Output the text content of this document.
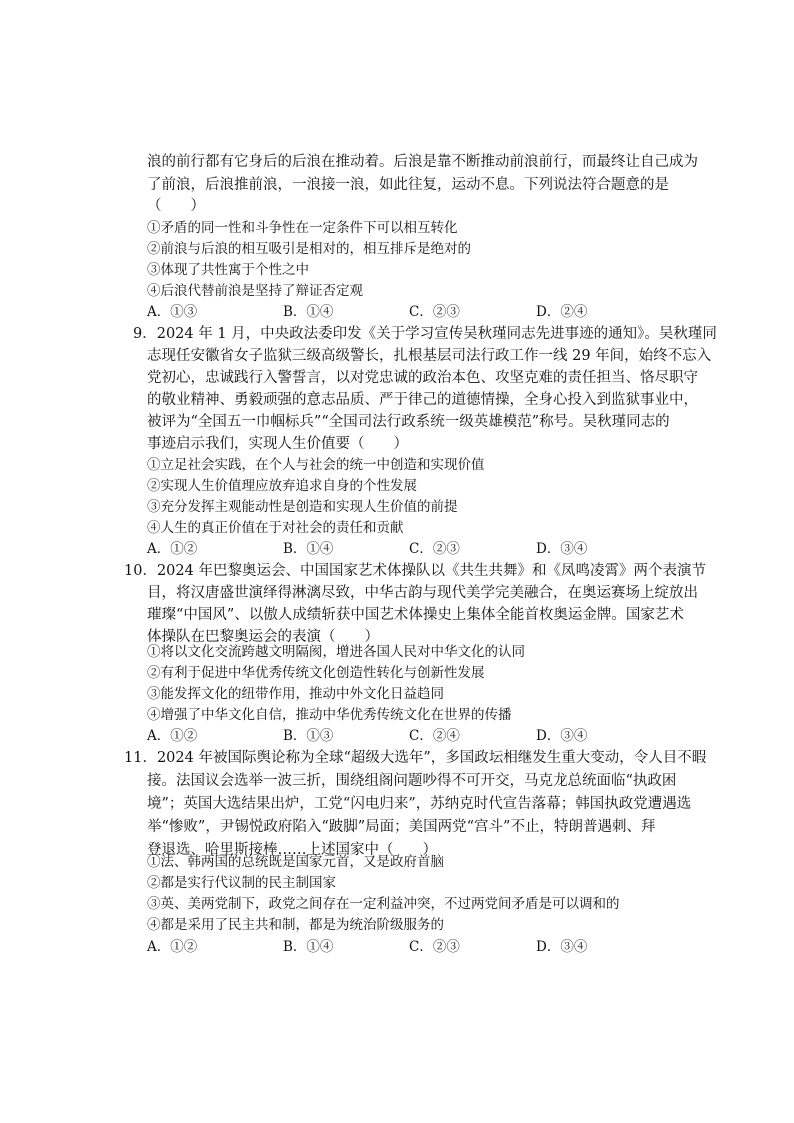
浪的前行都有它身后的后浪在推动着。后浪是靠不断推动前浪前行，而最终让自己成为
了前浪，后浪推前浪，一浪接一浪，如此往复，运动不息。下列说法符合题意的是
（　　）
①矛盾的同一性和斗争性在一定条件下可以相互转化
②前浪与后浪的相互吸引是相对的，相互排斥是绝对的
③体现了共性寓于个性之中
④后浪代替前浪是坚持了辩证否定观
A．①③	B．①④	C．②③	D．②④
9．2024 年 1 月，中央政法委印发《关于学习宣传吴秋瑾同志先进事迹的通知》。吴秋瑾同
志现任安徽省女子监狱三级高级警长，扎根基层司法行政工作一线 29 年间，始终不忘入
党初心，忠诚践行入警誓言，以对党忠诚的政治本色、攻坚克难的责任担当、恪尽职守
的敬业精神、勇毅顽强的意志品质、严于律己的道德情操，全身心投入到监狱事业中，
被评为“全国五一巾帼标兵”“全国司法行政系统一级英雄模范”称号。吴秋瑾同志的
事迹启示我们，实现人生价值要（　　）
①立足社会实践，在个人与社会的统一中创造和实现价值
②实现人生价值理应放弃追求自身的个性发展
③充分发挥主观能动性是创造和实现人生价值的前提
④人生的真正价值在于对社会的责任和贡献
A．①②	B．①④	C．②③	D．③④
10．2024 年巴黎奥运会、中国国家艺术体操队以《共生共舞》和《凤鸣凌霄》两个表演节
目，将汉唐盛世演绎得淋漓尽致，中华古韵与现代美学完美融合，在奥运赛场上绽放出
璀璨“中国风”、以傲人成绩斩获中国艺术体操史上集体全能首枚奥运金牌。国家艺术
体操队在巴黎奥运会的表演（　　）
①将以文化交流跨越文明隔阂，增进各国人民对中华文化的认同
②有利于促进中华优秀传统文化创造性转化与创新性发展
③能发挥文化的纽带作用，推动中外文化日益趋同
④增强了中华文化自信，推动中华优秀传统文化在世界的传播
A．①②	B．①③	C．②④	D．③④
11．2024 年被国际舆论称为全球“超级大选年”，多国政坛相继发生重大变动，令人目不暇
接。法国议会选举一波三折，围绕组阁问题吵得不可开交，马克龙总统面临“执政困
境”；英国大选结果出炉，工党“闪电归来”，苏纳克时代宣告落幕；韩国执政党遭遇选
举“惨败”，尹锡悦政府陷入“跛脚”局面；美国两党“宫斗”不止，特朗普遇刺、拜
登退选、哈里斯接棒……上述国家中（　　）
①法、韩两国的总统既是国家元首，又是政府首脑
②都是实行代议制的民主制国家
③英、美两党制下，政党之间存在一定利益冲突，不过两党间矛盾是可以调和的
④都是采用了民主共和制，都是为统治阶级服务的
A．①②	B．①④	C．②③	D．③④
